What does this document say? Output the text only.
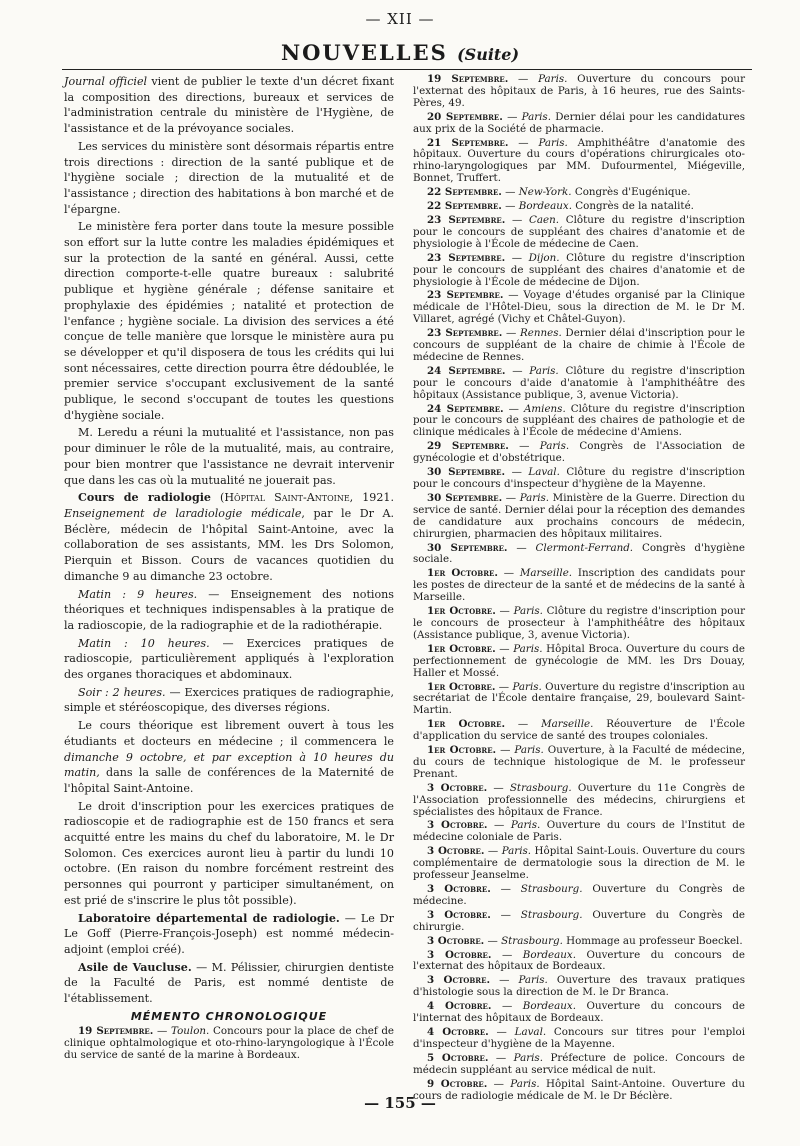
— XII —
NOUVELLES (Suite)

Journal officiel vient de publier le texte d'un décret fixant la composition des directions, bureaux et services de l'administration centrale du ministère de l'Hygiène, de l'assistance et de la prévoyance sociales.

Les services du ministère sont désormais répartis entre trois directions : direction de la santé publique et de l'hygiène sociale ; direction de la mutualité et de l'assistance ; direction des habitations à bon marché et de l'épargne.

Le ministère fera porter dans toute la mesure possible son effort sur la lutte contre les maladies épidémiques et sur la protection de la santé en général. Aussi, cette direction comporte-t-elle quatre bureaux : salubrité publique et hygiène générale ; défense sanitaire et prophylaxie des épidémies ; natalité et protection de l'enfance ; hygiène sociale. La division des services a été conçue de telle manière que lorsque le ministère aura pu se développer et qu'il disposera de tous les crédits qui lui sont nécessaires, cette direction pourra être dédoublée, le premier service s'occupant exclusivement de la santé publique, le second s'occupant de toutes les questions d'hygiène sociale.

M. Leredu a réuni la mutualité et l'assistance, non pas pour diminuer le rôle de la mutualité, mais, au contraire, pour bien montrer que l'assistance ne devrait intervenir que dans les cas où la mutualité ne jouerait pas.

Cours de radiologie (Hôpital Saint-Antoine, 1921. Enseignement de laradiologie médicale, par le Dr A. Béclère, médecin de l'hôpital Saint-Antoine, avec la collaboration de ses assistants, MM. les Drs Solomon, Pierquin et Bisson. Cours de vacances quotidien du dimanche 9 au dimanche 23 octobre.

Matin : 9 heures. — Enseignement des notions théoriques et techniques indispensables à la pratique de la radioscopie, de la radiographie et de la radiothérapie.

Matin : 10 heures. — Exercices pratiques de radioscopie, particulièrement appliqués à l'exploration des organes thoraciques et abdominaux.

Soir : 2 heures. — Exercices pratiques de radiographie, simple et stéréoscopique, des diverses régions.

Le cours théorique est librement ouvert à tous les étudiants et docteurs en médecine ; il commencera le dimanche 9 octobre, et par exception à 10 heures du matin, dans la salle de conférences de la Maternité de l'hôpital Saint-Antoine.

Le droit d'inscription pour les exercices pratiques de radioscopie et de radiographie est de 150 francs et sera acquitté entre les mains du chef du laboratoire, M. le Dr Solomon. Ces exercices auront lieu à partir du lundi 10 octobre. (En raison du nombre forcément restreint des personnes qui pourront y participer simultanément, on est prié de s'inscrire le plus tôt possible).

Laboratoire départemental de radiologie. — Le Dr Le Goff (Pierre-François-Joseph) est nommé médecin-adjoint (emploi créé).

Asile de Vaucluse. — M. Pélissier, chirurgien dentiste de la Faculté de Paris, est nommé dentiste de l'établissement.

MÉMENTO CHRONOLOGIQUE

19 Septembre. — Toulon. Concours pour la place de chef de clinique ophtalmologique et oto-rhino-laryngologique à l'École du service de santé de la marine à Bordeaux.

19 Septembre. — Paris. Ouverture du concours pour l'externat des hôpitaux de Paris, à 16 heures, rue des Saints-Pères, 49.

20 Septembre. — Paris. Dernier délai pour les candidatures aux prix de la Société de pharmacie.

21 Septembre. — Paris. Amphithéâtre d'anatomie des hôpitaux. Ouverture du cours d'opérations chirurgicales oto-rhino-laryngologiques par MM. Dufourmentel, Miégeville, Bonnet, Truffert.

22 Septembre. — New-York. Congrès d'Eugénique.

22 Septembre. — Bordeaux. Congrès de la natalité.

23 Septembre. — Caen. Clôture du registre d'inscription pour le concours de suppléant des chaires d'anatomie et de physiologie à l'École de médecine de Caen.

23 Septembre. — Dijon. Clôture du registre d'inscription pour le concours de suppléant des chaires d'anatomie et de physiologie à l'École de médecine de Dijon.

23 Septembre. — Voyage d'études organisé par la Clinique médicale de l'Hôtel-Dieu, sous la direction de M. le Dr M. Villaret, agrégé (Vichy et Châtel-Guyon).

23 Septembre. — Rennes. Dernier délai d'inscription pour le concours de suppléant de la chaire de chimie à l'École de médecine de Rennes.

24 Septembre. — Paris. Clôture du registre d'inscription pour le concours d'aide d'anatomie à l'amphithéâtre des hôpitaux (Assistance publique, 3, avenue Victoria).

24 Septembre. — Amiens. Clôture du registre d'inscription pour le concours de suppléant des chaires de pathologie et de clinique médicales à l'École de médecine d'Amiens.

29 Septembre. — Paris. Congrès de l'Association de gynécologie et d'obstétrique.

30 Septembre. — Laval. Clôture du registre d'inscription pour le concours d'inspecteur d'hygiène de la Mayenne.

30 Septembre. — Paris. Ministère de la Guerre. Direction du service de santé. Dernier délai pour la réception des demandes de candidature aux prochains concours de médecin, chirurgien, pharmacien des hôpitaux militaires.

30 Septembre. — Clermont-Ferrand. Congrès d'hygiène sociale.

1er Octobre. — Marseille. Inscription des candidats pour les postes de directeur de la santé et de médecins de la santé à Marseille.

1er Octobre. — Paris. Clôture du registre d'inscription pour le concours de prosecteur à l'amphithéâtre des hôpitaux (Assistance publique, 3, avenue Victoria).

1er Octobre. — Paris. Hôpital Broca. Ouverture du cours de perfectionnement de gynécologie de MM. les Drs Douay, Haller et Mossé.

1er Octobre. — Paris. Ouverture du registre d'inscription au secrétariat de l'École dentaire française, 29, boulevard Saint-Martin.

1er Octobre. — Marseille. Réouverture de l'École d'application du service de santé des troupes coloniales.

1er Octobre. — Paris. Ouverture, à la Faculté de médecine, du cours de technique histologique de M. le professeur Prenant.

3 Octobre. — Strasbourg. Ouverture du 11e Congrès de l'Association professionnelle des médecins, chirurgiens et spécialistes des hôpitaux de France.

3 Octobre. — Paris. Ouverture du cours de l'Institut de médecine coloniale de Paris.

3 Octobre. — Paris. Hôpital Saint-Louis. Ouverture du cours complémentaire de dermatologie sous la direction de M. le professeur Jeanselme.

3 Octobre. — Strasbourg. Ouverture du Congrès de médecine.

3 Octobre. — Strasbourg. Ouverture du Congrès de chirurgie.

3 Octobre. — Strasbourg. Hommage au professeur Boeckel.

3 Octobre. — Bordeaux. Ouverture du concours de l'externat des hôpitaux de Bordeaux.

3 Octobre. — Paris. Ouverture des travaux pratiques d'histologie sous la direction de M. le Dr Branca.

4 Octobre. — Bordeaux. Ouverture du concours de l'internat des hôpitaux de Bordeaux.

4 Octobre. — Laval. Concours sur titres pour l'emploi d'inspecteur d'hygiène de la Mayenne.

5 Octobre. — Paris. Préfecture de police. Concours de médecin suppléant au service médical de nuit.

9 Octobre. — Paris. Hôpital Saint-Antoine. Ouverture du cours de radiologie médicale de M. le Dr Béclère.

— 155 —
